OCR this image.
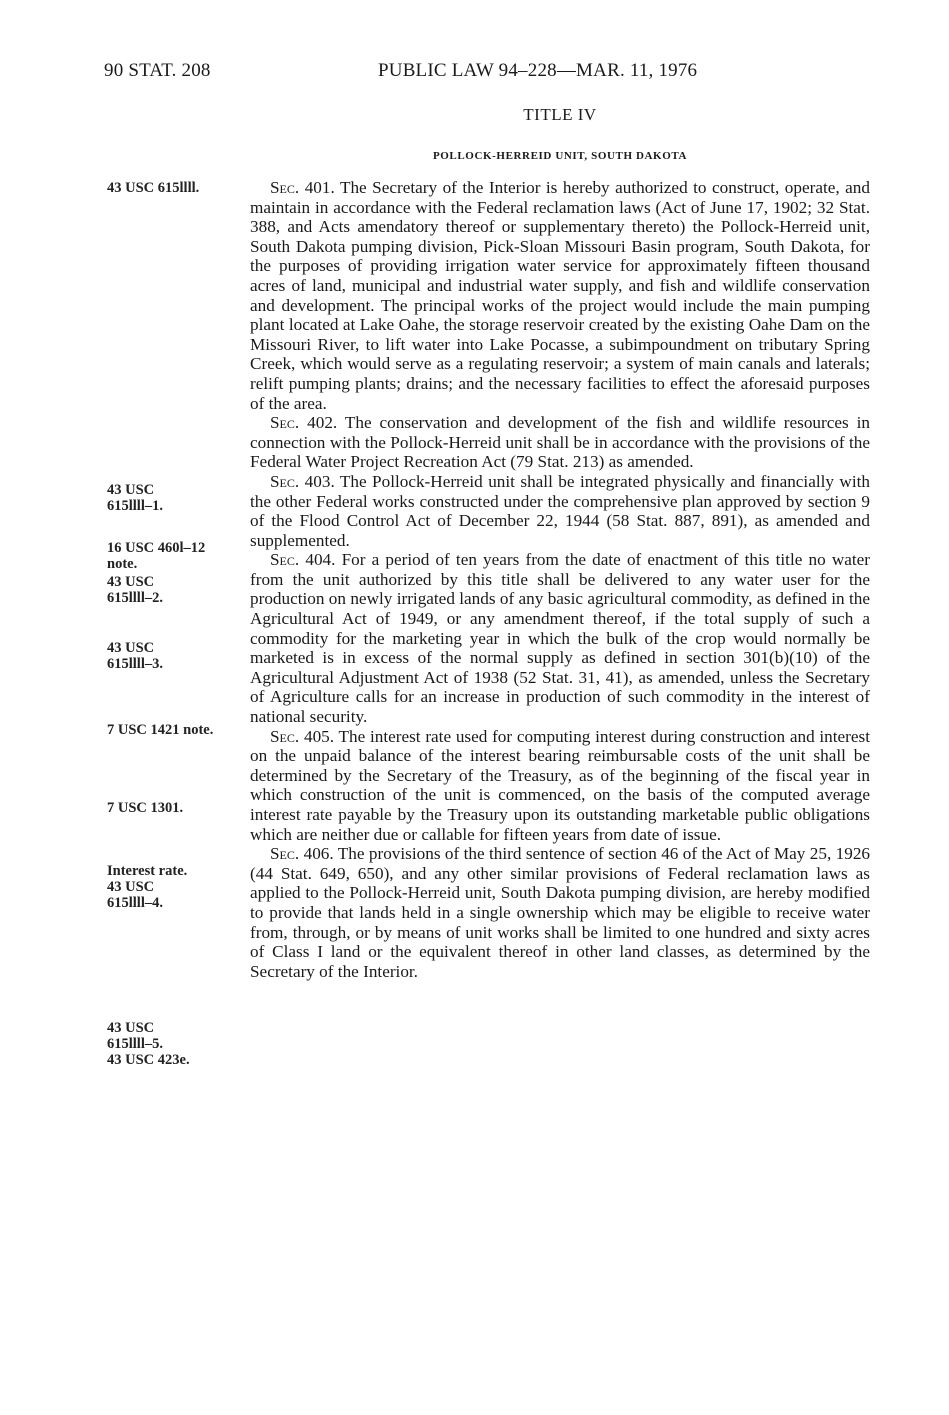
90 STAT. 208	PUBLIC LAW 94–228—MAR. 11, 1976
TITLE IV
POLLOCK-HERREID UNIT, SOUTH DAKOTA
43 USC 615llll.
43 USC
615llll–1.
16 USC 460l–12
note.
43 USC
615llll–2.
43 USC
615llll–3.
7 USC 1421 note.
7 USC 1301.
Interest rate.
43 USC
615llll–4.
43 USC
615llll–5.
43 USC 423e.

Sec. 401. The Secretary of the Interior is hereby authorized to construct, operate, and maintain in accordance with the Federal reclamation laws (Act of June 17, 1902; 32 Stat. 388, and Acts amendatory thereof or supplementary thereto) the Pollock-Herreid unit, South Dakota pumping division, Pick-Sloan Missouri Basin program, South Dakota, for the purposes of providing irrigation water service for approximately fifteen thousand acres of land, municipal and industrial water supply, and fish and wildlife conservation and development. The principal works of the project would include the main pumping plant located at Lake Oahe, the storage reservoir created by the existing Oahe Dam on the Missouri River, to lift water into Lake Pocasse, a subimpoundment on tributary Spring Creek, which would serve as a regulating reservoir; a system of main canals and laterals; relift pumping plants; drains; and the necessary facilities to effect the aforesaid purposes of the area.

Sec. 402. The conservation and development of the fish and wildlife resources in connection with the Pollock-Herreid unit shall be in accordance with the provisions of the Federal Water Project Recreation Act (79 Stat. 213) as amended.

Sec. 403. The Pollock-Herreid unit shall be integrated physically and financially with the other Federal works constructed under the comprehensive plan approved by section 9 of the Flood Control Act of December 22, 1944 (58 Stat. 887, 891), as amended and supplemented.

Sec. 404. For a period of ten years from the date of enactment of this title no water from the unit authorized by this title shall be delivered to any water user for the production on newly irrigated lands of any basic agricultural commodity, as defined in the Agricultural Act of 1949, or any amendment thereof, if the total supply of such a commodity for the marketing year in which the bulk of the crop would normally be marketed is in excess of the normal supply as defined in section 301(b)(10) of the Agricultural Adjustment Act of 1938 (52 Stat. 31, 41), as amended, unless the Secretary of Agriculture calls for an increase in production of such commodity in the interest of national security.

Sec. 405. The interest rate used for computing interest during construction and interest on the unpaid balance of the interest bearing reimbursable costs of the unit shall be determined by the Secretary of the Treasury, as of the beginning of the fiscal year in which construction of the unit is commenced, on the basis of the computed average interest rate payable by the Treasury upon its outstanding marketable public obligations which are neither due or callable for fifteen years from date of issue.

Sec. 406. The provisions of the third sentence of section 46 of the Act of May 25, 1926 (44 Stat. 649, 650), and any other similar provisions of Federal reclamation laws as applied to the Pollock-Herreid unit, South Dakota pumping division, are hereby modified to provide that lands held in a single ownership which may be eligible to receive water from, through, or by means of unit works shall be limited to one hundred and sixty acres of Class I land or the equivalent thereof in other land classes, as determined by the Secretary of the Interior.
